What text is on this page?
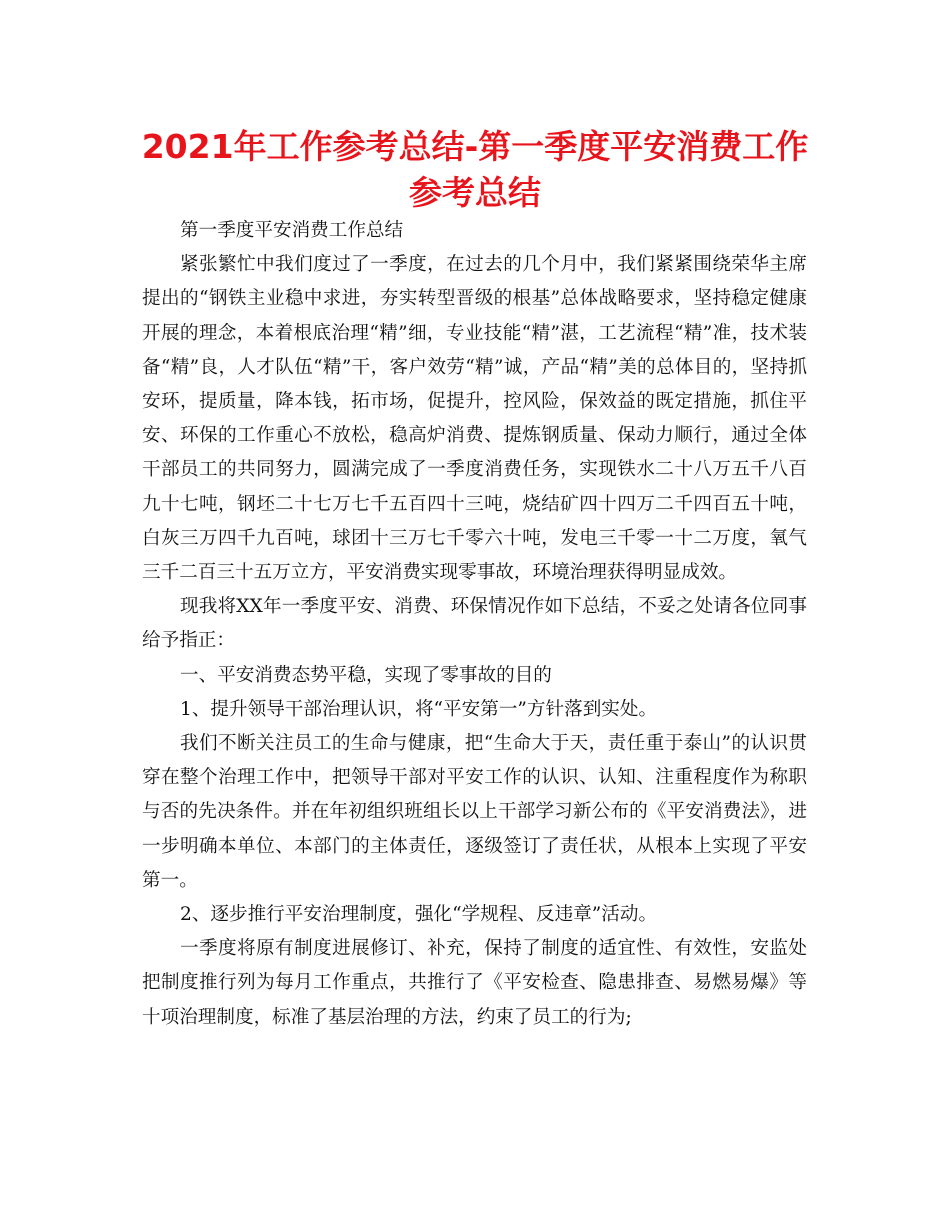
2021年工作参考总结-第一季度平安消费工作参考总结

第一季度平安消费工作总结

紧张繁忙中我们度过了一季度，在过去的几个月中，我们紧紧围绕荣华主席提出的“钢铁主业稳中求进，夯实转型晋级的根基”总体战略要求，坚持稳定健康开展的理念，本着根底治理“精”细，专业技能“精”湛，工艺流程“精”准，技术装备“精”良，人才队伍“精”干，客户效劳“精”诚，产品“精”美的总体目的，坚持抓安环，提质量，降本钱，拓市场，促提升，控风险，保效益的既定措施，抓住平安、环保的工作重心不放松，稳高炉消费、提炼钢质量、保动力顺行，通过全体干部员工的共同努力，圆满完成了一季度消费任务，实现铁水二十八万五千八百九十七吨，钢坯二十七万七千五百四十三吨，烧结矿四十四万二千四百五十吨，白灰三万四千九百吨，球团十三万七千零六十吨，发电三千零一十二万度，氧气三千二百三十五万立方，平安消费实现零事故，环境治理获得明显成效。

现我将XX年一季度平安、消费、环保情况作如下总结，不妥之处请各位同事给予指正：

一、平安消费态势平稳，实现了零事故的目的

1、提升领导干部治理认识，将“平安第一”方针落到实处。

我们不断关注员工的生命与健康，把“生命大于天，责任重于泰山”的认识贯穿在整个治理工作中，把领导干部对平安工作的认识、认知、注重程度作为称职与否的先决条件。并在年初组织班组长以上干部学习新公布的《平安消费法》，进一步明确本单位、本部门的主体责任，逐级签订了责任状，从根本上实现了平安第一。

2、逐步推行平安治理制度，强化“学规程、反违章”活动。

一季度将原有制度进展修订、补充，保持了制度的适宜性、有效性，安监处把制度推行列为每月工作重点，共推行了《平安检查、隐患排查、易燃易爆》等十项治理制度，标准了基层治理的方法，约束了员工的行为;
